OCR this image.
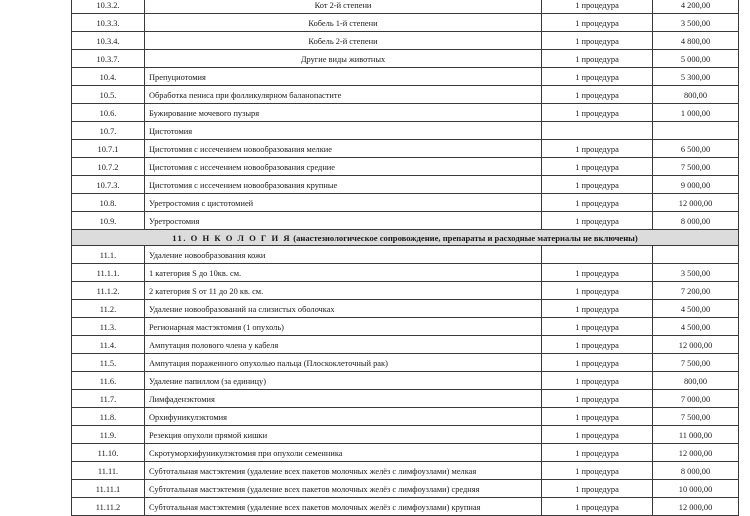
10.3.2.	Кот 2-й степени	1 процедура	4 200,00
10.3.3.	Кобель 1-й степени	1 процедура	3 500,00
10.3.4.	Кобель 2-й степени	1 процедура	4 800,00
10.3.7.	Другие виды животных	1 процедура	5 000,00
10.4.	Препуциотомия	1 процедура	5 300,00
10.5.	Обработка пениса при фолликулярном баланопастите	1 процедура	800,00
10.6.	Бужирование мочевого пузыря	1 процедура	1 000,00
10.7.	Цистотомия		
10.7.1	Цистотомия с иссечением новообразования мелкие	1 процедура	6 500,00
10.7.2	Цистотомия с иссечением новообразования средние	1 процедура	7 500,00
10.7.3.	Цистотомия с иссечением новообразования крупные	1 процедура	9 000,00
10.8.	Уретростомия с цистотомией	1 процедура	12 000,00
10.9.	Уретростомия	1 процедура	8 000,00
11. О Н К О Л О Г И Я (анастезиологическое сопровождение, препараты и расходные материалы не включены)			
11.1.	Удаление новообразования кожи		
11.1.1.	1 категория S до 10кв. см.	1 процедура	3 500,00
11.1.2.	2 категория S от 11 до 20 кв. см.	1 процедура	7 200,00
11.2.	Удаление новообразований на слизистых оболочках	1 процедура	4 500,00
11.3.	Регионарная мастэктомия (1 опухоль)	1 процедура	4 500,00
11.4.	Ампутация полового члена у кабеля	1 процедура	12 000,00
11.5.	Ампутация пораженного опухолью пальца (Плоскоклеточный рак)	1 процедура	7 500,00
11.6.	Удаление папиллом (за единицу)	1 процедура	800,00
11.7.	Лимфаденэктомия	1 процедура	7 000,00
11.8.	Орхифуникулэктомия	1 процедура	7 500,00
11.9.	Резекция опухоли прямой кишки	1 процедура	11 000,00
11.10.	Скротуморхифуникулэктомия при опухоли семенника	1 процедура	12 000,00
11.11.	Субтотальная мастэктемия (удаление всех пакетов молочных желёз с лимфоузлами) мелкая	1 процедура	8 000,00
11.11.1	Субтотальная мастэктемия (удаление всех пакетов молочных желёз с лимфоузлами) средняя	1 процедура	10 000,00
11.11.2	Субтотальная мастэктемия (удаление всех пакетов молочных желёз с лимфоузлами) крупная	1 процедура	12 000,00
